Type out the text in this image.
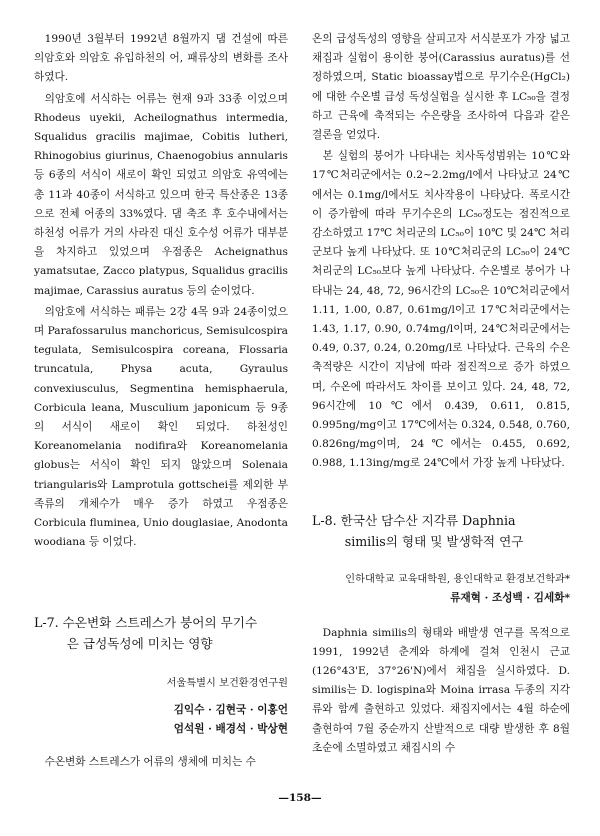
1990년 3월부터 1992년 8월까지 댐 건설에 따른 의암호와 의암호 유입하천의 어, 패류상의 변화를 조사하였다.

의암호에 서식하는 어류는 현재 9과 33종 이었으며 Rhodeus uyekii, Acheilognathus intermedia, Squalidus gracilis majimae, Cobitis lutheri, Rhinogobius giurinus, Chaenogobius annularis등 6종의 서식이 새로이 확인 되었고 의암호 유역에는 총 11과 40종이 서식하고 있으며 한국 특산종은 13종으로 전체 어종의 33%였다. 댐 축조 후 호수내에서는 하천성 어류가 거의 사라진 대신 호수성 어류가 대부분을 차지하고 있었으며 우점종은 Acheignathus yamatsutae, Zacco platypus, Squalidus gracilis majimae, Carassius auratus 등의 순이었다.

의암호에 서식하는 패류는 2강 4목 9과 24종이었으며 Parafossarulus manchoricus, Semisulcospira tegulata, Semisulcospira coreana, Flossaria truncatula, Physa acuta, Gyraulus convexiusculus, Segmentina hemisphaerula, Corbicula leana, Musculium japonicum 등 9종의 서식이 새로이 확인 되었다. 하천성인 Koreanomelania nodifira와 Koreanomelania globus는 서식이 확인 되지 않았으며 Solenaia triangularis와 Lamprotula gottschei를 제외한 부족류의 개체수가 매우 증가 하였고 우점종은 Corbicula fluminea, Unio douglasiae, Anodonta woodiana 등 이었다.

L-7. 수온변화 스트레스가 붕어의 무기수
은 급성독성에 미치는 영향

서울특별시 보건환경연구원

김익수 · 김현국 · 이홍언

엄석원 · 배경석 · 박상현

수온변화 스트레스가 어류의 생체에 미치는 수

온의 급성독성의 영향을 살피고자 서식분포가 가장 넓고 채집과 실험이 용이한 붕어(Carassius auratus)를 선정하였으며, Static bioassay법으로 무기수은(HgCl₂)에 대한 수온별 급성 독성실험을 실시한 후 LC₅₀을 결정하고 근육에 축적되는 수은량을 조사하여 다음과 같은 결론을 얻었다.

본 실험의 붕어가 나타내는 치사독성범위는 10℃와 17℃처리군에서는 0.2~2.2mg/l에서 나타났고 24℃에서는 0.1mg/l에서도 치사작용이 나타났다. 폭로시간이 증가함에 따라 무기수은의 LC₅₀정도는 점진적으로 감소하였고 17℃ 처리군의 LC₅₀이 10℃ 및 24℃ 처리군보다 높게 나타났다. 또 10℃처리군의 LC₅₀이 24℃처리군의 LC₅₀보다 높게 나타났다. 수온별로 붕어가 나타내는 24, 48, 72, 96시간의 LC₅₀은 10℃처리군에서 1.11, 1.00, 0.87, 0.61mg/l이고 17℃처리군에서는 1.43, 1.17, 0.90, 0.74mg/l이며, 24℃처리군에서는 0.49, 0.37, 0.24, 0.20mg/l로 나타났다. 근육의 수은 축적량은 시간이 지남에 따라 점진적으로 증가 하였으며, 수온에 따라서도 차이를 보이고 있다. 24, 48, 72, 96시간에 10℃에서 0.439, 0.611, 0.815, 0.995ng/mg이고 17℃에서는 0.324, 0.548, 0.760, 0.826ng/mg이며, 24℃에서는 0.455, 0.692, 0.988, 1.13ing/mg로 24℃에서 가장 높게 나타났다.

L-8. 한국산 담수산 지각류 Daphnia
similis의 형태 및 발생학적 연구

인하대학교 교육대학원, 용인대학교 환경보건학과*

류재혁 · 조성백 · 김세화*

Daphnia similis의 형태와 배발생 연구를 목적으로 1991, 1992년 춘계와 하계에 걸쳐 인천시 근교(126°43'E, 37°26'N)에서 채집을 실시하였다. D. similis는 D. logispina와 Moina irrasa 두종의 지각류와 함께 출현하고 있었다. 채집지에서는 4월 하순에 출현하여 7월 중순까지 산발적으로 대량 발생한 후 8월 초순에 소멸하였고 채집시의 수

—158—
